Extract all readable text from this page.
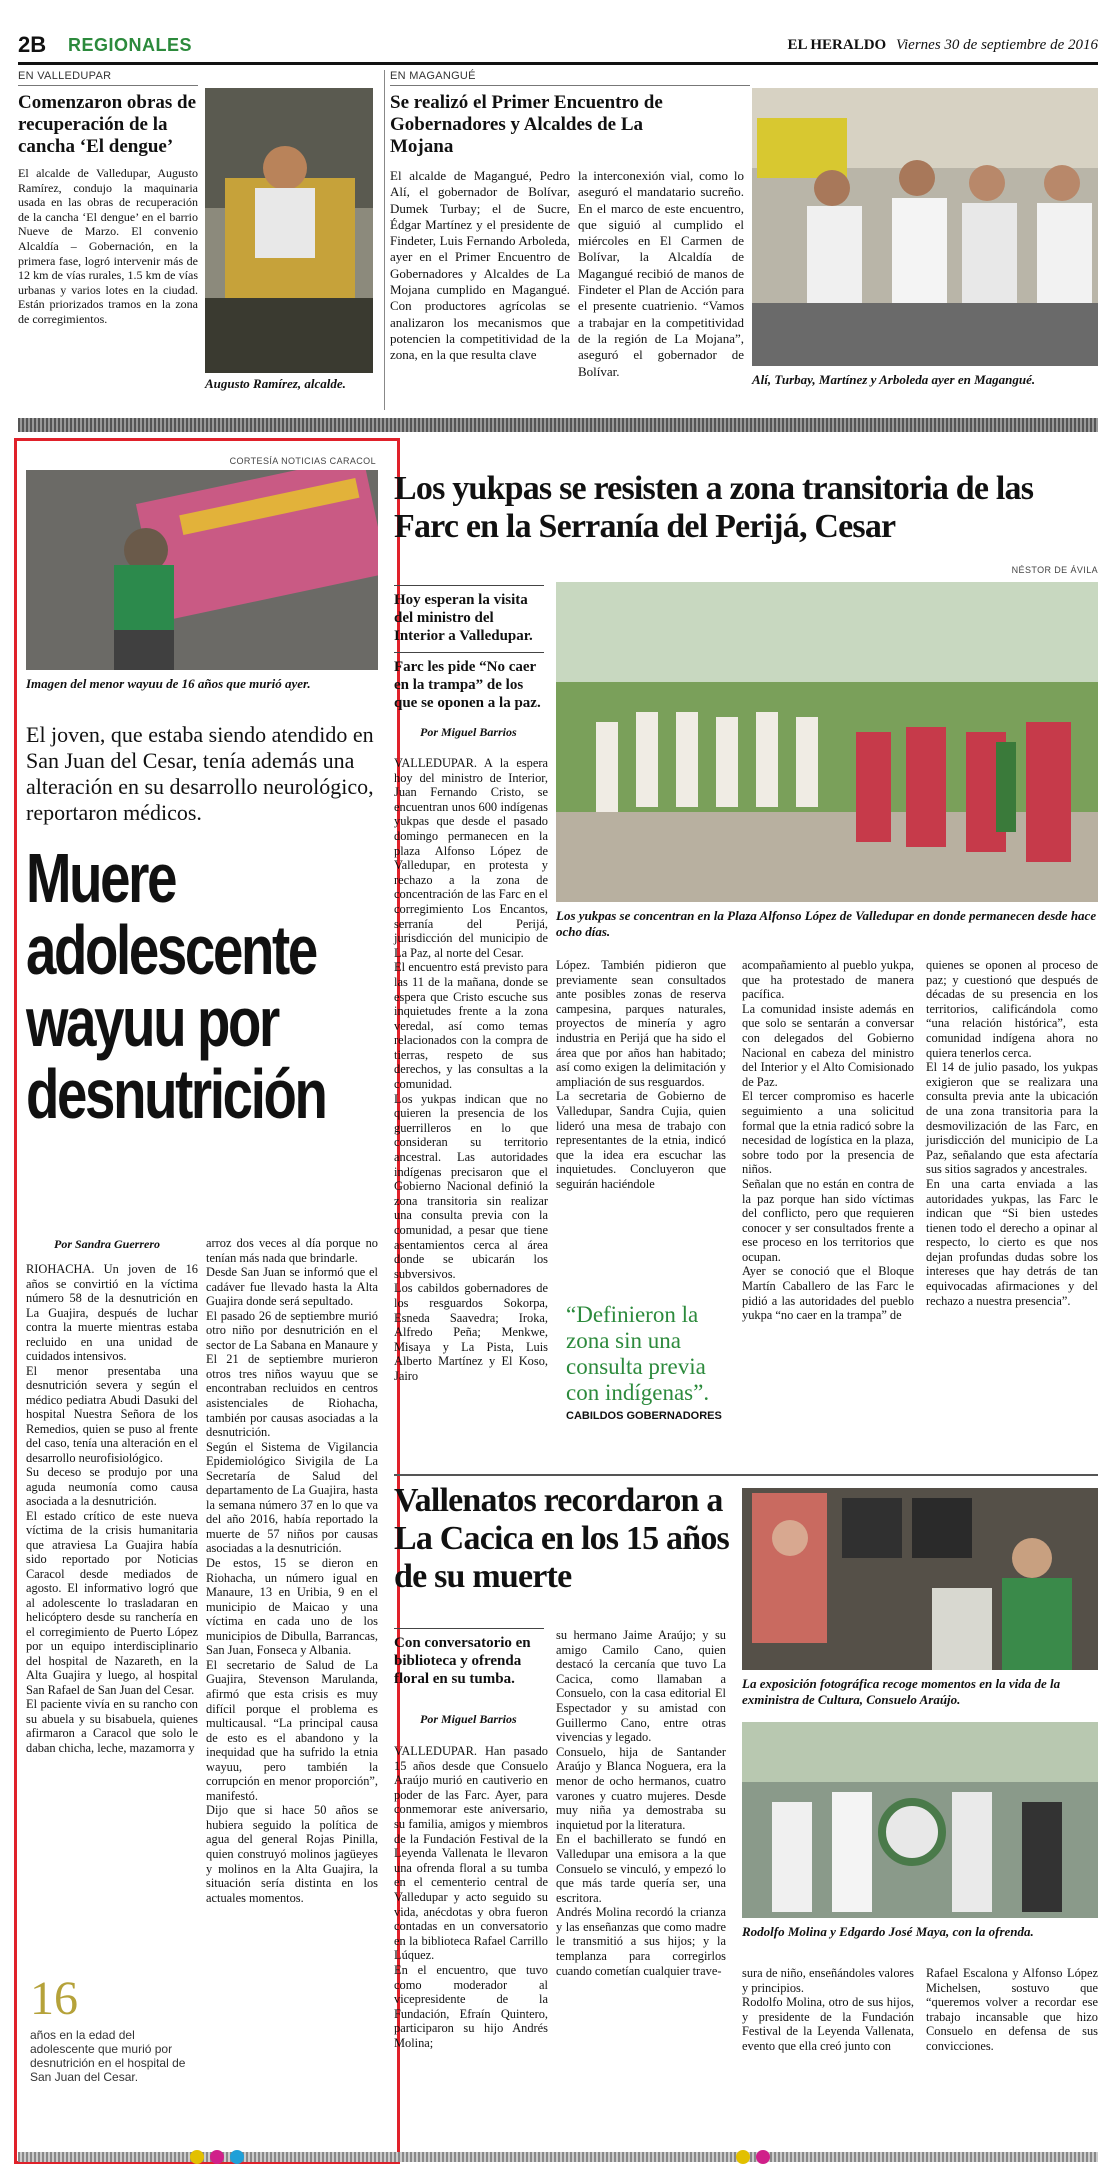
2B	REGIONALES	EL HERALDO Viernes 30 de septiembre de 2016
EN VALLEDUPAR
Comenzaron obras de recuperación de la cancha ‘El dengue’
El alcalde de Valledupar, Augusto Ramírez, condujo la maquinaria usada en las obras de recuperación de la cancha ‘El dengue’ en el barrio Nueve de Marzo. El convenio Alcaldía – Gobernación, en la primera fase, logró intervenir más de 12 km de vías rurales, 1.5 km de vías urbanas y varios lotes en la ciudad. Están priorizados tramos en la zona de corregimientos.
Augusto Ramírez, alcalde.
EN MAGANGUÉ
Se realizó el Primer Encuentro de Gobernadores y Alcaldes de La Mojana
El alcalde de Magangué, Pedro Alí, el gobernador de Bolívar, Dumek Turbay; el de Sucre, Édgar Martínez y el presidente de Findeter, Luis Fernando Arboleda, ayer en el Primer Encuentro de Gobernadores y Alcaldes de La Mojana cumplido en Magangué. Con productores agrícolas se analizaron los mecanismos que potencien la competitividad de la zona, en la que resulta clave
la interconexión vial, como lo aseguró el mandatario sucreño. En el marco de este encuentro, que siguió al cumplido el miércoles en El Carmen de Bolívar, la Alcaldía de Magangué recibió de manos de Findeter el Plan de Acción para el presente cuatrienio. “Vamos a trabajar en la competitividad de la región de La Mojana”, aseguró el gobernador de Bolívar.
Alí, Turbay, Martínez y Arboleda ayer en Magangué.
CORTESÍA NOTICIAS CARACOL
Imagen del menor wayuu de 16 años que murió ayer.
El joven, que estaba siendo atendido en San Juan del Cesar, tenía además una alteración en su desarrollo neurológico, reportaron médicos.
Muere
adolescente
wayuu por
desnutrición
Por Sandra Guerrero
RIOHACHA. Un joven de 16 años se convirtió en la víctima número 58 de la desnutrición en La Guajira, después de luchar contra la muerte mientras estaba recluido en una unidad de cuidados intensivos.
El menor presentaba una desnutrición severa y según el médico pediatra Abudi Dasuki del hospital Nuestra Señora de los Remedios, quien se puso al frente del caso, tenía una alteración en el desarrollo neurofisiológico.
Su deceso se produjo por una aguda neumonía como causa asociada a la desnutrición.
El estado crítico de este nueva víctima de la crisis humanitaria que atraviesa La Guajira había sido reportado por Noticias Caracol desde mediados de agosto. El informativo logró que al adolescente lo trasladaran en helicóptero desde su ranchería en el corregimiento de Puerto López por un equipo interdisciplinario del hospital de Nazareth, en la Alta Guajira y luego, al hospital San Rafael de San Juan del Cesar.
El paciente vivía en su rancho con su abuela y su bisabuela, quienes afirmaron a Caracol que solo le daban chicha, leche, mazamorra y
arroz dos veces al día porque no tenían más nada que brindarle.
Desde San Juan se informó que el cadáver fue llevado hasta la Alta Guajira donde será sepultado.
El pasado 26 de septiembre murió otro niño por desnutrición en el sector de La Sabana en Manaure y El 21 de septiembre murieron otros tres niños wayuu que se encontraban recluidos en centros asistenciales de Riohacha, también por causas asociadas a la desnutrición.
Según el Sistema de Vigilancia Epidemiológico Sivigila de La Secretaría de Salud del departamento de La Guajira, hasta la semana número 37 en lo que va del año 2016, había reportado la muerte de 57 niños por causas asociadas a la desnutrición.
De estos, 15 se dieron en Riohacha, un número igual en Manaure, 13 en Uribia, 9 en el municipio de Maicao y una víctima en cada uno de los municipios de Dibulla, Barrancas, San Juan, Fonseca y Albania.
El secretario de Salud de La Guajira, Stevenson Marulanda, afirmó que esta crisis es muy difícil porque el problema es multicausal. “La principal causa de esto es el abandono y la inequidad que ha sufrido la etnia wayuu, pero también la corrupción en menor proporción”, manifestó.
Dijo que si hace 50 años se hubiera seguido la política de agua del general Rojas Pinilla, quien construyó molinos jagüeyes y molinos en la Alta Guajira, la situación sería distinta en los actuales momentos.
16
años en la edad del adolescente que murió por desnutrición en el hospital de San Juan del Cesar.
Los yukpas se resisten a zona transitoria de las Farc en la Serranía del Perijá, Cesar
NÉSTOR DE ÁVILA
Hoy esperan la visita del ministro del Interior a Valledupar.
Farc les pide “No caer en la trampa” de los que se oponen a la paz.
Por Miguel Barrios
VALLEDUPAR. A la espera hoy del ministro de Interior, Juan Fernando Cristo, se encuentran unos 600 indígenas yukpas que desde el pasado domingo permanecen en la plaza Alfonso López de Valledupar, en protesta y rechazo a la zona de concentración de las Farc en el corregimiento Los Encantos, serranía del Perijá, jurisdicción del municipio de La Paz, al norte del Cesar.
El encuentro está previsto para las 11 de la mañana, donde se espera que Cristo escuche sus inquietudes frente a la zona veredal, así como temas relacionados con la compra de tierras, respeto de sus derechos, y las consultas a la comunidad.
Los yukpas indican que no quieren la presencia de los guerrilleros en lo que consideran su territorio ancestral. Las autoridades indígenas precisaron que el Gobierno Nacional definió la zona transitoria sin realizar una consulta previa con la comunidad, a pesar que tiene asentamientos cerca al área donde se ubicarán los subversivos.
Los cabildos gobernadores de los resguardos Sokorpa, Esneda Saavedra; Iroka, Alfredo Peña; Menkwe, Misaya y La Pista, Luis Alberto Martínez y El Koso, Jairo
Los yukpas se concentran en la Plaza Alfonso López de Valledupar en donde permanecen desde hace ocho días.
López. También pidieron que previamente sean consultados ante posibles zonas de reserva campesina, parques naturales, proyectos de minería y agro industria en Perijá que ha sido el área que por años han habitado; así como exigen la delimitación y ampliación de sus resguardos.
La secretaria de Gobierno de Valledupar, Sandra Cujia, quien lideró una mesa de trabajo con representantes de la etnia, indicó que la idea era escuchar las inquietudes. Concluyeron que seguirán haciéndole
“Definieron la zona sin una consulta previa con indígenas”.
CABILDOS GOBERNADORES
acompañamiento al pueblo yukpa, que ha protestado de manera pacífica.
La comunidad insiste además en que solo se sentarán a conversar con delegados del Gobierno Nacional en cabeza del ministro del Interior y el Alto Comisionado de Paz.
El tercer compromiso es hacerle seguimiento a una solicitud formal que la etnia radicó sobre la necesidad de logística en la plaza, sobre todo por la presencia de niños.
Señalan que no están en contra de la paz porque han sido víctimas del conflicto, pero que requieren conocer y ser consultados frente a ese proceso en los territorios que ocupan.
Ayer se conoció que el Bloque Martín Caballero de las Farc le pidió a las autoridades del pueblo yukpa “no caer en la trampa” de
quienes se oponen al proceso de paz; y cuestionó que después de décadas de su presencia en los territorios, calificándola como “una relación histórica”, esta comunidad indígena ahora no quiera tenerlos cerca.
El 14 de julio pasado, los yukpas exigieron que se realizara una consulta previa ante la ubicación de una zona transitoria para la desmovilización de las Farc, en jurisdicción del municipio de La Paz, señalando que esta afectaría sus sitios sagrados y ancestrales.
En una carta enviada a las autoridades yukpas, las Farc le indican que “Si bien ustedes tienen todo el derecho a opinar al respecto, lo cierto es que nos dejan profundas dudas sobre los intereses que hay detrás de tan equivocadas afirmaciones y del rechazo a nuestra presencia”.
Vallenatos recordaron a La Cacica en los 15 años de su muerte
Con conversatorio en biblioteca y ofrenda floral en su tumba.
Por Miguel Barrios
VALLEDUPAR. Han pasado 15 años desde que Consuelo Araújo murió en cautiverio en poder de las Farc. Ayer, para conmemorar este aniversario, su familia, amigos y miembros de la Fundación Festival de la Leyenda Vallenata le llevaron una ofrenda floral a su tumba en el cementerio central de Valledupar y acto seguido su vida, anécdotas y obra fueron contadas en un conversatorio en la biblioteca Rafael Carrillo Lúquez.
En el encuentro, que tuvo como moderador al vicepresidente de la Fundación, Efraín Quintero, participaron su hijo Andrés Molina;
su hermano Jaime Araújo; y su amigo Camilo Cano, quien destacó la cercanía que tuvo La Cacica, como llamaban a Consuelo, con la casa editorial El Espectador y su amistad con Guillermo Cano, entre otras vivencias y legado.
Consuelo, hija de Santander Araújo y Blanca Noguera, era la menor de ocho hermanos, cuatro varones y cuatro mujeres. Desde muy niña ya demostraba su inquietud por la literatura.
En el bachillerato se fundó en Valledupar una emisora a la que Consuelo se vinculó, y empezó lo que más tarde quería ser, una escritora.
Andrés Molina recordó la crianza y las enseñanzas que como madre le transmitió a sus hijos; y la templanza para corregirlos cuando cometían cualquier trave-
La exposición fotográfica recoge momentos en la vida de la exministra de Cultura, Consuelo Araújo.
Rodolfo Molina y Edgardo José Maya, con la ofrenda.
sura de niño, enseñándoles valores y principios.
Rodolfo Molina, otro de sus hijos, y presidente de la Fundación Festival de la Leyenda Vallenata, evento que ella creó junto con
Rafael Escalona y Alfonso López Michelsen, sostuvo que “queremos volver a recordar ese trabajo incansable que hizo Consuelo en defensa de sus convicciones.
